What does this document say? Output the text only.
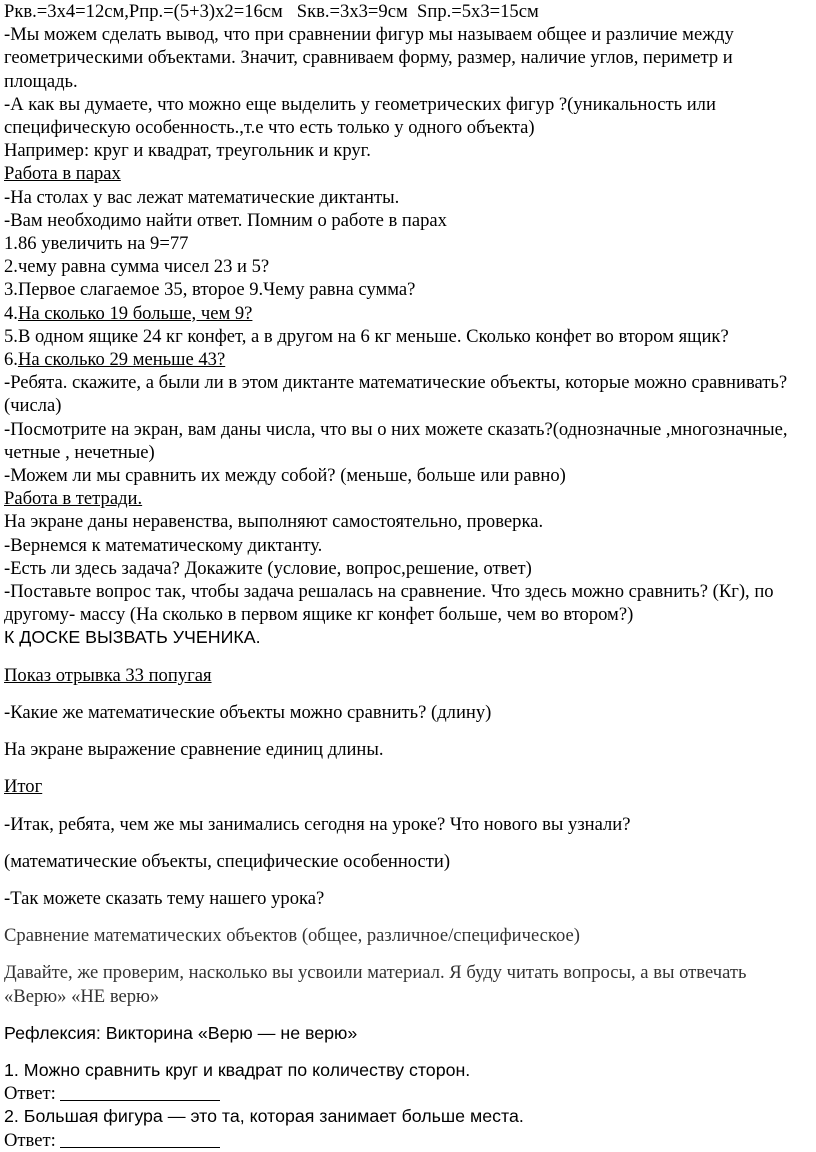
Ркв.=3х4=12см,Рпр.=(5+3)х2=16см   Sкв.=3х3=9см  Sпр.=5х3=15см

-Мы можем сделать вывод, что при сравнении фигур мы называем общее и различие между геометрическими объектами. Значит, сравниваем форму, размер, наличие углов, периметр и площадь.

-А как вы думаете, что можно еще выделить у геометрических фигур ?(уникальность или специфическую особенность.,т.е что есть только у одного объекта)

Например: круг и квадрат, треугольник и круг.

Работа в парах

-На столах у вас лежат математические диктанты.

-Вам необходимо найти ответ. Помним о работе в парах

1.86 увеличить на 9=77

2.чему равна сумма чисел 23 и 5?

3.Первое слагаемое 35, второе 9.Чему равна сумма?

4.На сколько 19 больше, чем 9?

5.В одном ящике 24 кг конфет, а в другом на 6 кг меньше. Сколько конфет во втором ящик?

6.На сколько 29 меньше 43?

-Ребята. скажите, а были ли в этом диктанте математические объекты, которые можно сравнивать?(числа)

-Посмотрите на экран, вам даны числа, что вы о них можете сказать?(однозначные ,многозначные, четные , нечетные)

-Можем ли мы сравнить их между собой? (меньше, больше или равно)

Работа в тетради.

На экране даны неравенства, выполняют самостоятельно, проверка.

-Вернемся к математическому диктанту.

-Есть ли здесь задача? Докажите (условие, вопрос,решение, ответ)

-Поставьте вопрос так, чтобы задача решалась на сравнение. Что здесь можно сравнить? (Кг), по другому- массу (На сколько в первом ящике кг конфет больше, чем во втором?)

К ДОСКЕ ВЫЗВАТЬ УЧЕНИКА.

Показ отрывка 33 попугая

-Какие же математические объекты можно сравнить? (длину)

На экране выражение сравнение единиц длины.

Итог

-Итак, ребята, чем же мы занимались сегодня на уроке? Что нового вы узнали?

(математические объекты, специфические особенности)

-Так можете сказать тему нашего урока?

Сравнение математических объектов (общее, различное/специфическое)

Давайте, же проверим, насколько вы усвоили материал. Я буду читать вопросы, а вы отвечать «Верю» «НЕ верю»

Рефлексия: Викторина «Верю — не верю»

1. Можно сравнить круг и квадрат по количеству сторон.

Ответ:

2. Большая фигура — это та, которая занимает больше места.

Ответ:
